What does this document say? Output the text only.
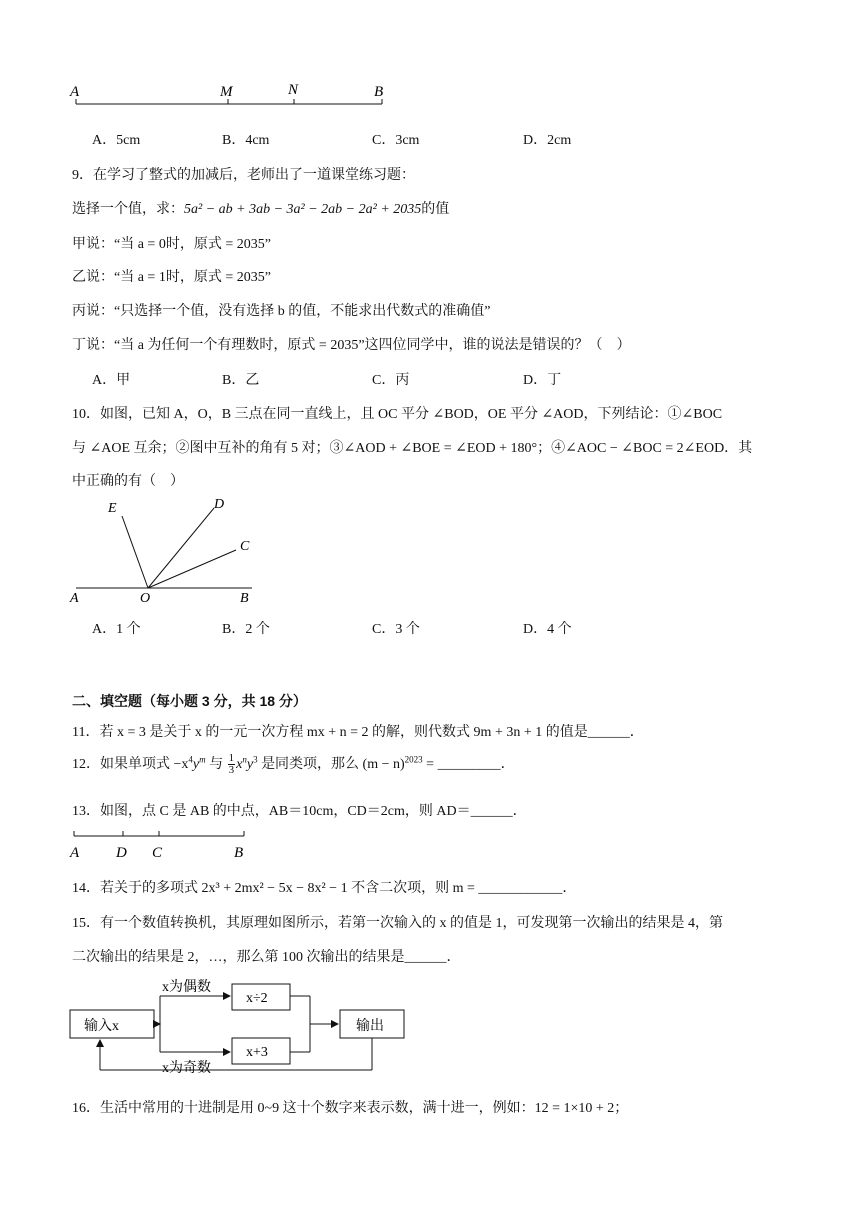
A	M	N	B
A．5cm	B．4cm	C．3cm	D．2cm
9．在学习了整式的加减后，老师出了一道课堂练习题：
选择一个值，求：5a² − ab + 3ab − 3a² − 2ab − 2a² + 2035的值
甲说：“当 a = 0时，原式 = 2035”
乙说：“当 a = 1时，原式 = 2035”
丙说：“只选择一个值，没有选择 b 的值，不能求出代数式的准确值”
丁说：“当 a 为任何一个有理数时，原式 = 2035”这四位同学中，谁的说法是错误的？（　）
A．甲	B．乙	C．丙	D．丁
10．如图，已知 A，O，B 三点在同一直线上，且 OC 平分 ∠BOD，OE 平分 ∠AOD，下列结论：①∠BOC
与 ∠AOE 互余；②图中互补的角有 5 对；③∠AOD + ∠BOE = ∠EOD + 180°；④∠AOC − ∠BOC = 2∠EOD．其
中正确的有（　）
E	D
C
A	O	B
A．1 个	B．2 个	C．3 个	D．4 个
二、填空题（每小题 3 分，共 18 分）
11．若 x = 3 是关于 x 的一元一次方程 mx + n = 2 的解，则代数式 9m + 3n + 1 的值是______．
12．如果单项式 $-x^4y^m$ 与 $\frac{1}{3} x^ny^3$ 是同类项，那么 $(m - n)^{2023}$ = _________．
13．如图，点 C 是 AB 的中点，AB＝10cm，CD＝2cm，则 AD＝______．
A D C	B
14．若关于的多项式 2x³ + 2mx² − 5x − 8x² − 1 不含二次项，则 m = ____________．
15．有一个数值转换机，其原理如图所示，若第一次输入的 x 的值是 1，可发现第一次输出的结果是 4，第
二次输出的结果是 2，…，那么第 100 次输出的结果是______．
输入x
x为偶数
x为奇数
x÷2
x+3
输出
16．生活中常用的十进制是用 0~9 这十个数字来表示数，满十进一，例如：12 = 1×10 + 2；
